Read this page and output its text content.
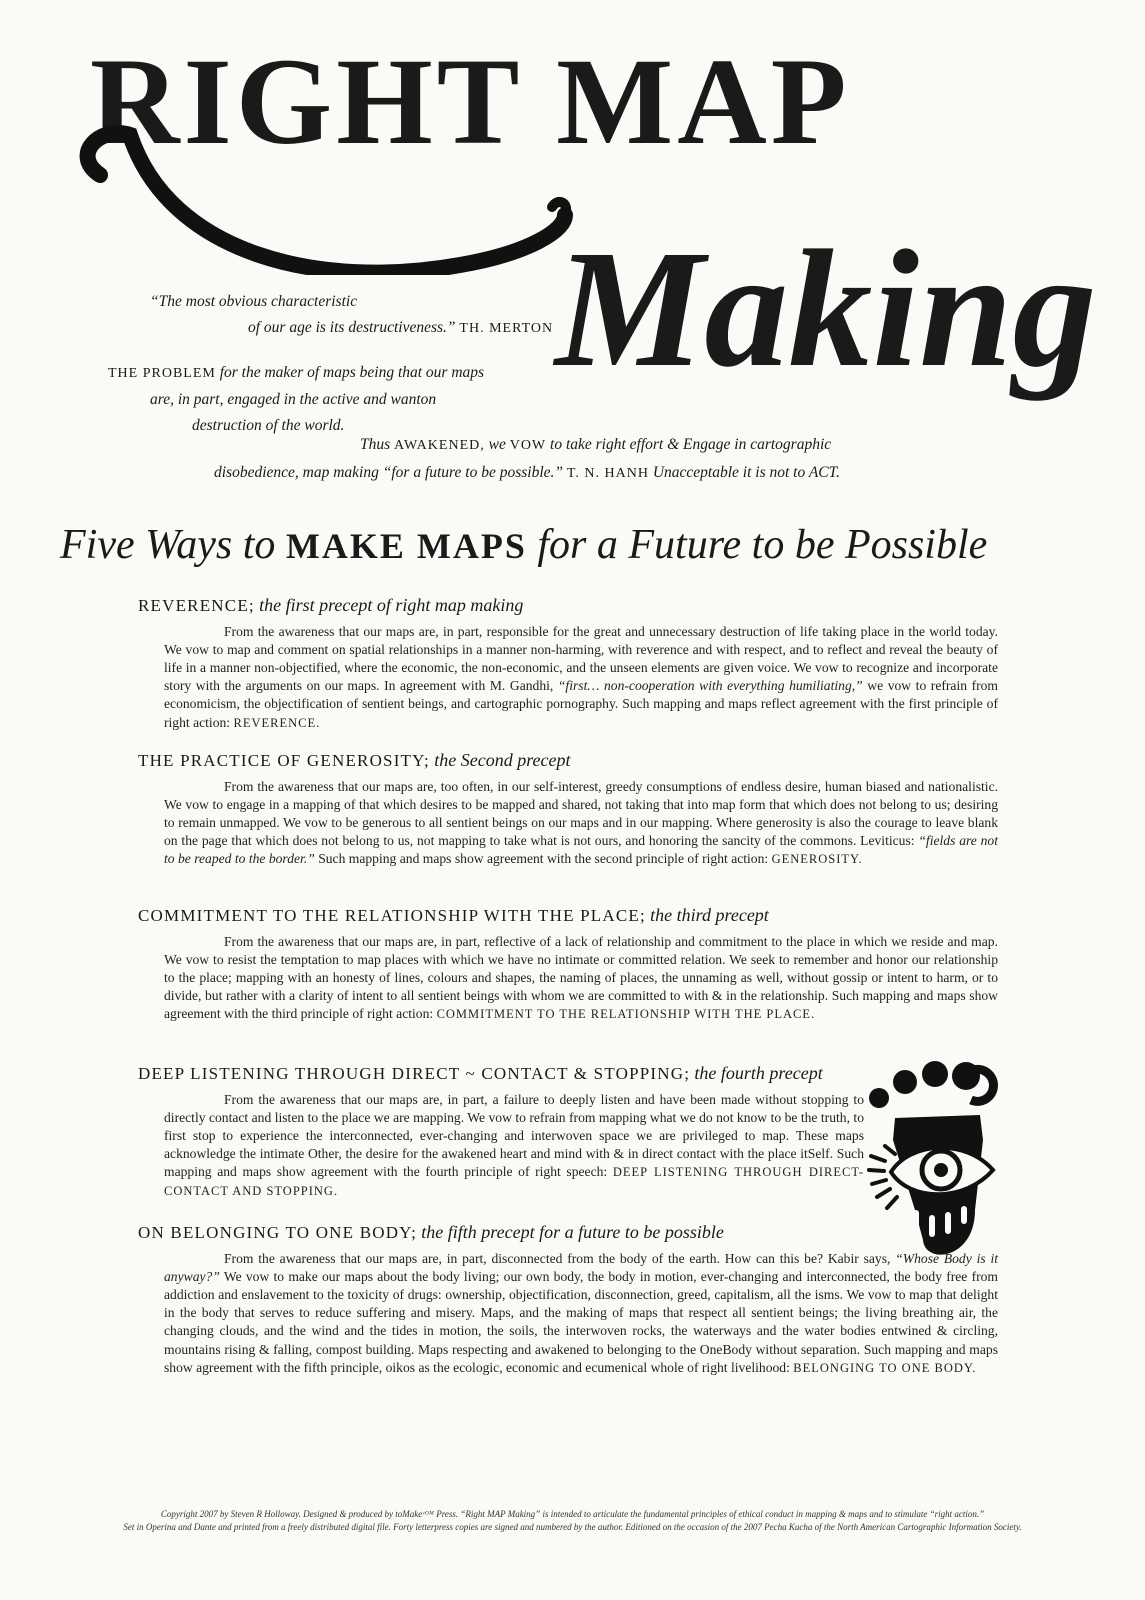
RIGHT MAP
Making
“The most obvious characteristic
of our age is its destructiveness.” TH. MERTON
THE PROBLEM for the maker of maps being that our maps
are, in part, engaged in the active and wanton
destruction of the world.
Thus AWAKENED, we VOW to take right effort & Engage in cartographic
disobedience, map making “for a future to be possible.” T. N. HANH Unacceptable it is not to ACT.
Five Ways to MAKE MAPS for a Future to be Possible
REVERENCE; the first precept of right map making

From the awareness that our maps are, in part, responsible for the great and unnecessary destruction of life taking place in the world today. We vow to map and comment on spatial relationships in a manner non-harming, with reverence and with respect, and to reflect and reveal the beauty of life in a manner non-objectified, where the economic, the non-economic, and the unseen elements are given voice. We vow to recognize and incorporate story with the arguments on our maps. In agreement with M. Gandhi, “first… non-cooperation with everything humiliating,” we vow to refrain from economicism, the objectification of sentient beings, and cartographic pornography. Such mapping and maps reflect agreement with the first principle of right action: REVERENCE.

THE PRACTICE OF GENEROSITY; the Second precept

From the awareness that our maps are, too often, in our self-interest, greedy consumptions of endless desire, human biased and nationalistic. We vow to engage in a mapping of that which desires to be mapped and shared, not taking that into map form that which does not belong to us; desiring to remain unmapped. We vow to be generous to all sentient beings on our maps and in our mapping. Where generosity is also the courage to leave blank on the page that which does not belong to us, not mapping to take what is not ours, and honoring the sancity of the commons. Leviticus: “fields are not to be reaped to the border.” Such mapping and maps show agreement with the second principle of right action: GENEROSITY.

COMMITMENT TO THE RELATIONSHIP WITH THE PLACE; the third precept

From the awareness that our maps are, in part, reflective of a lack of relationship and commitment to the place in which we reside and map. We vow to resist the temptation to map places with which we have no intimate or committed relation. We seek to remember and honor our relationship to the place; mapping with an honesty of lines, colours and shapes, the naming of places, the unnaming as well, without gossip or intent to harm, or to divide, but rather with a clarity of intent to all sentient beings with whom we are committed to with & in the relationship. Such mapping and maps show agreement with the third principle of right action: COMMITMENT TO THE RELATIONSHIP WITH THE PLACE.

DEEP LISTENING THROUGH DIRECT ~ CONTACT & STOPPING; the fourth precept

From the awareness that our maps are, in part, a failure to deeply listen and have been made without stopping to directly contact and listen to the place we are mapping. We vow to refrain from mapping what we do not know to be the truth, to first stop to experience the interconnected, ever-changing and interwoven space we are privileged to map. These maps acknowledge the intimate Other, the desire for the awakened heart and mind with & in direct contact with the place itSelf. Such mapping and maps show agreement with the fourth principle of right speech: DEEP LISTENING THROUGH DIRECT-CONTACT AND STOPPING.

ON BELONGING TO ONE BODY; the fifth precept for a future to be possible

From the awareness that our maps are, in part, disconnected from the body of the earth. How can this be? Kabir says, “Whose Body is it anyway?” We vow to make our maps about the body living; our own body, the body in motion, ever-changing and interconnected, the body free from addiction and enslavement to the toxicity of drugs: ownership, objectification, disconnection, greed, capitalism, all the isms. We vow to map that delight in the body that serves to reduce suffering and misery. Maps, and the making of maps that respect all sentient beings; the living breathing air, the changing clouds, and the wind and the tides in motion, the soils, the interwoven rocks, the waterways and the water bodies entwined & circling, mountains rising & falling, compost building. Maps respecting and awakened to belonging to the OneBody without separation. Such mapping and maps show agreement with the fifth principle, oikos as the ecologic, economic and ecumenical whole of right livelihood: BELONGING TO ONE BODY.

Copyright 2007 by Steven R Holloway. Designed & produced by toMakeᶜᴼᴹ Press. “Right MAP Making” is intended to articulate the fundamental principles of ethical conduct in mapping & maps and to stimulate “right action.”
Set in Operina and Dante and printed from a freely distributed digital file. Forty letterpress copies are signed and numbered by the author. Editioned on the occasion of the 2007 Pecha Kucha of the North American Cartographic Information Society.
